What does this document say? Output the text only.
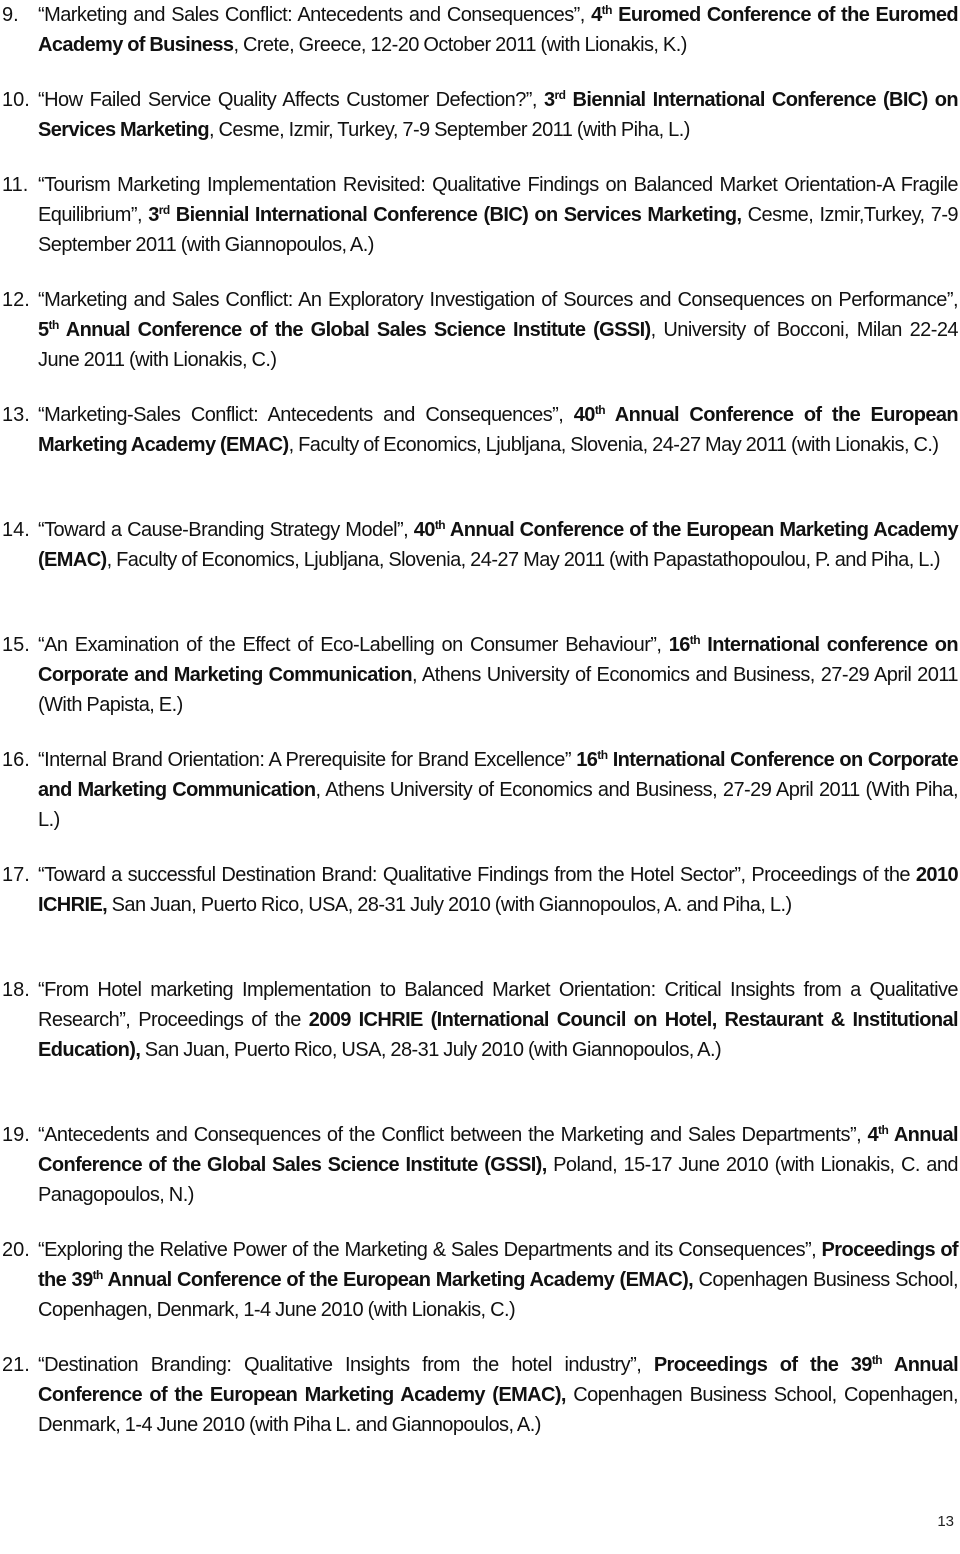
9. “Marketing and Sales Conflict: Antecedents and Consequences”, 4th Euromed Conference of the Euromed Academy of Business, Crete, Greece, 12-20 October 2011 (with Lionakis, K.)
10. “How Failed Service Quality Affects Customer Defection?”, 3rd Biennial International Conference (BIC) on Services Marketing, Cesme, Izmir, Turkey, 7-9 September 2011 (with Piha, L.)
11. “Tourism Marketing Implementation Revisited: Qualitative Findings on Balanced Market Orientation-A Fragile Equilibrium”, 3rd Biennial International Conference (BIC) on Services Marketing, Cesme, Izmir,Turkey, 7-9 September 2011 (with Giannopoulos, A.)
12. “Marketing and Sales Conflict: An Exploratory Investigation of Sources and Consequences on Performance”, 5th Annual Conference of the Global Sales Science Institute (GSSI), University of Bocconi, Milan 22-24 June 2011 (with Lionakis, C.)
13. “Marketing-Sales Conflict: Antecedents and Consequences”, 40th Annual Conference of the European Marketing Academy (EMAC), Faculty of Economics, Ljubljana, Slovenia, 24-27 May 2011 (with Lionakis, C.)
14. “Toward a Cause-Branding Strategy Model”, 40th Annual Conference of the European Marketing Academy (EMAC), Faculty of Economics, Ljubljana, Slovenia, 24-27 May 2011 (with Papastathopoulou, P. and Piha, L.)
15. “An Examination of the Effect of Eco-Labelling on Consumer Behaviour”, 16th International conference on Corporate and Marketing Communication, Athens University of Economics and Business, 27-29 April 2011 (With Papista, E.)
16. “Internal Brand Orientation: A Prerequisite for Brand Excellence” 16th International Conference on Corporate and Marketing Communication, Athens University of Economics and Business, 27-29 April 2011 (With Piha, L.)
17. “Toward a successful Destination Brand: Qualitative Findings from the Hotel Sector”, Proceedings of the 2010 ICHRIE, San Juan, Puerto Rico, USA, 28-31 July 2010 (with Giannopoulos, A. and Piha, L.)
18. “From Hotel marketing Implementation to Balanced Market Orientation: Critical Insights from a Qualitative Research”, Proceedings of the 2009 ICHRIE (International Council on Hotel, Restaurant & Institutional Education), San Juan, Puerto Rico, USA, 28-31 July 2010 (with Giannopoulos, A.)
19. “Antecedents and Consequences of the Conflict between the Marketing and Sales Departments”, 4th Annual Conference of the Global Sales Science Institute (GSSI), Poland, 15-17 June 2010 (with Lionakis, C. and Panagopoulos, N.)
20. “Exploring the Relative Power of the Marketing & Sales Departments and its Consequences”, Proceedings of the 39th Annual Conference of the European Marketing Academy (EMAC), Copenhagen Business School, Copenhagen, Denmark, 1-4 June 2010 (with Lionakis, C.)
21. “Destination Branding: Qualitative Insights from the hotel industry”, Proceedings of the 39th Annual Conference of the European Marketing Academy (EMAC), Copenhagen Business School, Copenhagen, Denmark, 1-4 June 2010 (with Piha L. and Giannopoulos, A.)
13
